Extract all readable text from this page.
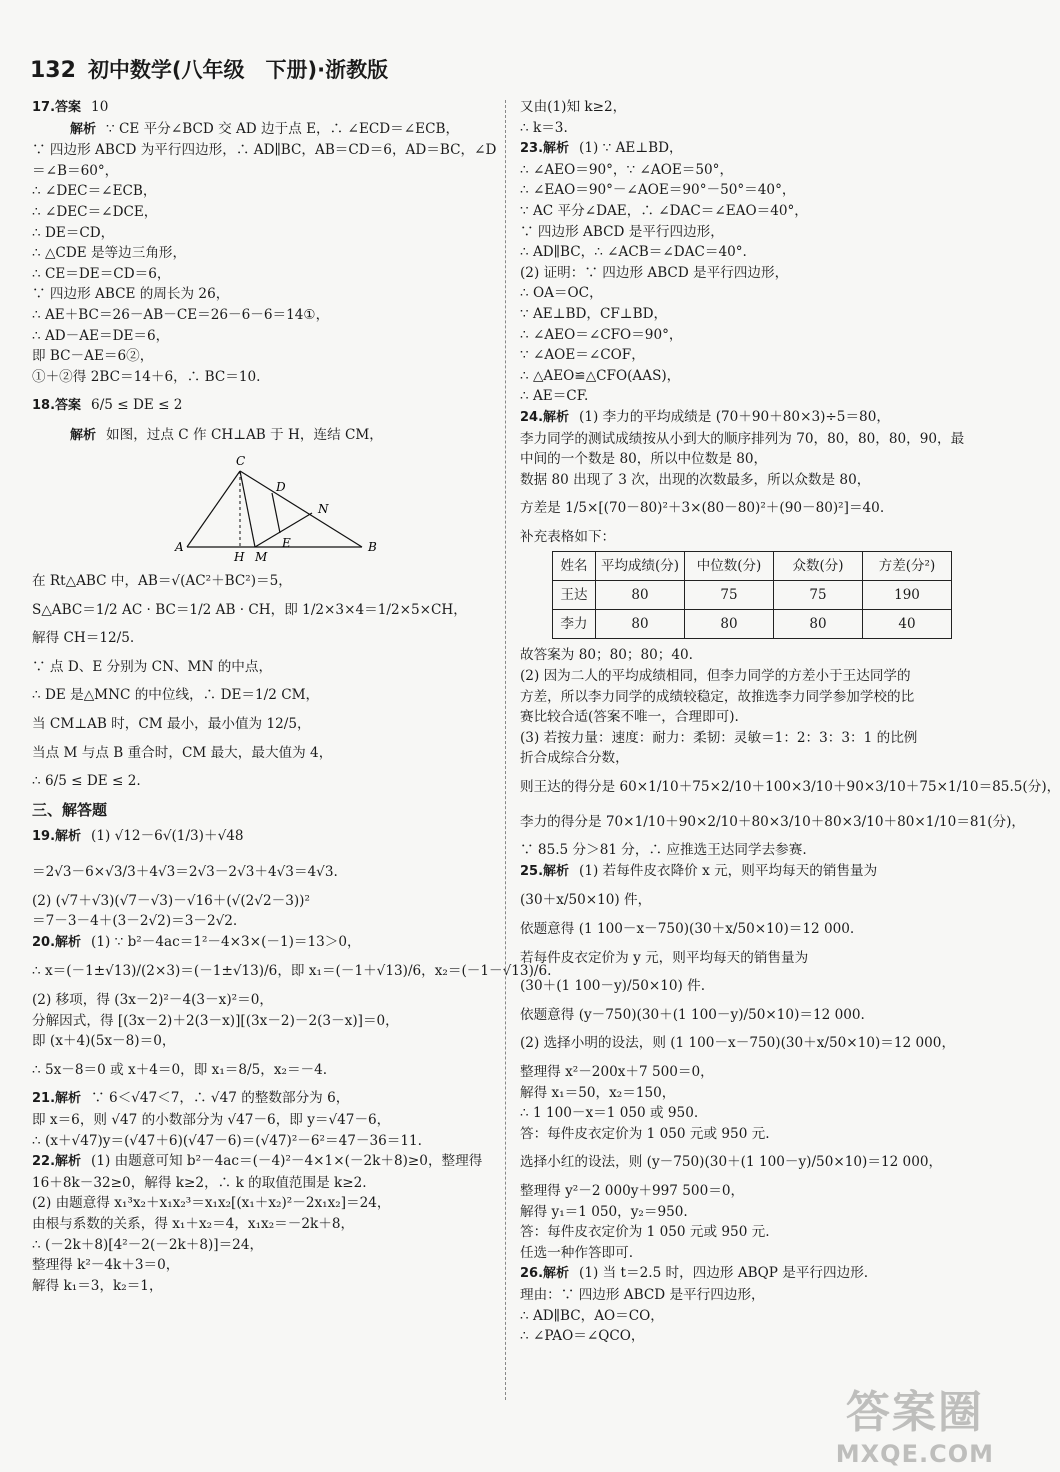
132 初中数学(八年级　下册)·浙教版
17.答案 10
解析 ∵ CE 平分∠BCD 交 AD 边于点 E，∴ ∠ECD＝∠ECB，
∵ 四边形 ABCD 为平行四边形，∴ AD∥BC，AB＝CD＝6，AD＝BC，∠D
＝∠B＝60°，
∴ ∠DEC＝∠ECB，
∴ ∠DEC＝∠DCE，
∴ DE＝CD，
∴ △CDE 是等边三角形，
∴ CE＝DE＝CD＝6，
∵ 四边形 ABCE 的周长为 26，
∴ AE＋BC＝26－AB－CE＝26－6－6＝14①，
∴ AD－AE＝DE＝6，
即 BC－AE＝6②，
①＋②得 2BC＝14＋6，∴ BC＝10.
18.答案 6/5 ≤ DE ≤ 2
解析 如图，过点 C 作 CH⊥AB 于 H，连结 CM，
C
D
N
E
A
H M
B
在 Rt△ABC 中，AB＝√(AC²＋BC²)＝5，
S△ABC＝1/2 AC · BC＝1/2 AB · CH，即 1/2×3×4＝1/2×5×CH，
解得 CH＝12/5.
∵ 点 D、E 分别为 CN、MN 的中点，
∴ DE 是△MNC 的中位线，∴ DE＝1/2 CM，
当 CM⊥AB 时，CM 最小，最小值为 12/5，
当点 M 与点 B 重合时，CM 最大，最大值为 4，
∴ 6/5 ≤ DE ≤ 2.
三、解答题
19.解析 (1) √12－6√(1/3)＋√48
＝2√3－6×√3/3＋4√3＝2√3－2√3＋4√3＝4√3.
(2) (√7＋√3)(√7－√3)－√16＋(√(2√2－3))²
＝7－3－4＋(3－2√2)＝3－2√2.
20.解析 (1) ∵ b²－4ac＝1²－4×3×(－1)＝13＞0，
∴ x＝(－1±√13)/(2×3)＝(－1±√13)/6，即 x₁＝(－1＋√13)/6，x₂＝(－1－√13)/6.
(2) 移项，得 (3x－2)²－4(3－x)²＝0，
分解因式，得 [(3x－2)＋2(3－x)][(3x－2)－2(3－x)]＝0，
即 (x＋4)(5x－8)＝0，
∴ 5x－8＝0 或 x＋4＝0，即 x₁＝8/5，x₂＝－4.
21.解析 ∵ 6＜√47＜7，∴ √47 的整数部分为 6，
即 x＝6，则 √47 的小数部分为 √47－6，即 y＝√47－6，
∴ (x＋√47)y＝(√47＋6)(√47－6)＝(√47)²－6²＝47－36＝11.
22.解析 (1) 由题意可知 b²－4ac＝(－4)²－4×1×(－2k＋8)≥0，整理得
16＋8k－32≥0，解得 k≥2，∴ k 的取值范围是 k≥2.
(2) 由题意得 x₁³x₂＋x₁x₂³＝x₁x₂[(x₁＋x₂)²－2x₁x₂]＝24，
由根与系数的关系，得 x₁＋x₂＝4，x₁x₂＝－2k＋8，
∴ (－2k＋8)[4²－2(－2k＋8)]＝24，
整理得 k²－4k＋3＝0，
解得 k₁＝3，k₂＝1，
又由(1)知 k≥2，
∴ k＝3.
23.解析 (1) ∵ AE⊥BD，
∴ ∠AEO＝90°，∵ ∠AOE＝50°，
∴ ∠EAO＝90°－∠AOE＝90°－50°＝40°，
∵ AC 平分∠DAE，∴ ∠DAC＝∠EAO＝40°，
∵ 四边形 ABCD 是平行四边形，
∴ AD∥BC，∴ ∠ACB＝∠DAC＝40°.
(2) 证明：∵ 四边形 ABCD 是平行四边形，
∴ OA＝OC，
∵ AE⊥BD，CF⊥BD，
∴ ∠AEO＝∠CFO＝90°，
∵ ∠AOE＝∠COF，
∴ △AEO≌△CFO(AAS)，
∴ AE＝CF.
24.解析 (1) 李力的平均成绩是 (70＋90＋80×3)÷5＝80，
李力同学的测试成绩按从小到大的顺序排列为 70，80，80，80，90，最
中间的一个数是 80，所以中位数是 80，
数据 80 出现了 3 次，出现的次数最多，所以众数是 80，
方差是 1/5×[(70－80)²＋3×(80－80)²＋(90－80)²]＝40.
补充表格如下：
姓名	平均成绩(分)	中位数(分)	众数(分)	方差(分²)
王达	80	75	75	190
李力	80	80	80	40
故答案为 80；80；80；40.
(2) 因为二人的平均成绩相同，但李力同学的方差小于王达同学的
方差，所以李力同学的成绩较稳定，故推选李力同学参加学校的比
赛比较合适(答案不唯一，合理即可).
(3) 若按力量：速度：耐力：柔韧：灵敏＝1：2：3：3：1 的比例
折合成综合分数，
则王达的得分是 60×1/10＋75×2/10＋100×3/10＋90×3/10＋75×1/10＝85.5(分)，
李力的得分是 70×1/10＋90×2/10＋80×3/10＋80×3/10＋80×1/10＝81(分)，
∵ 85.5 分＞81 分，∴ 应推选王达同学去参赛.
25.解析 (1) 若每件皮衣降价 x 元，则平均每天的销售量为
(30＋x/50×10) 件，
依题意得 (1 100－x－750)(30＋x/50×10)＝12 000.
若每件皮衣定价为 y 元，则平均每天的销售量为
(30＋(1 100－y)/50×10) 件.
依题意得 (y－750)(30＋(1 100－y)/50×10)＝12 000.
(2) 选择小明的设法，则 (1 100－x－750)(30＋x/50×10)＝12 000，
整理得 x²－200x＋7 500＝0，
解得 x₁＝50，x₂＝150，
∴ 1 100－x＝1 050 或 950.
答：每件皮衣定价为 1 050 元或 950 元.
选择小红的设法，则 (y－750)(30＋(1 100－y)/50×10)＝12 000，
整理得 y²－2 000y＋997 500＝0，
解得 y₁＝1 050，y₂＝950.
答：每件皮衣定价为 1 050 元或 950 元.
任选一种作答即可.
26.解析 (1) 当 t＝2.5 时，四边形 ABQP 是平行四边形.
理由：∵ 四边形 ABCD 是平行四边形，
∴ AD∥BC，AO＝CO，
∴ ∠PAO＝∠QCO，
答案圈
MXQE.COM
